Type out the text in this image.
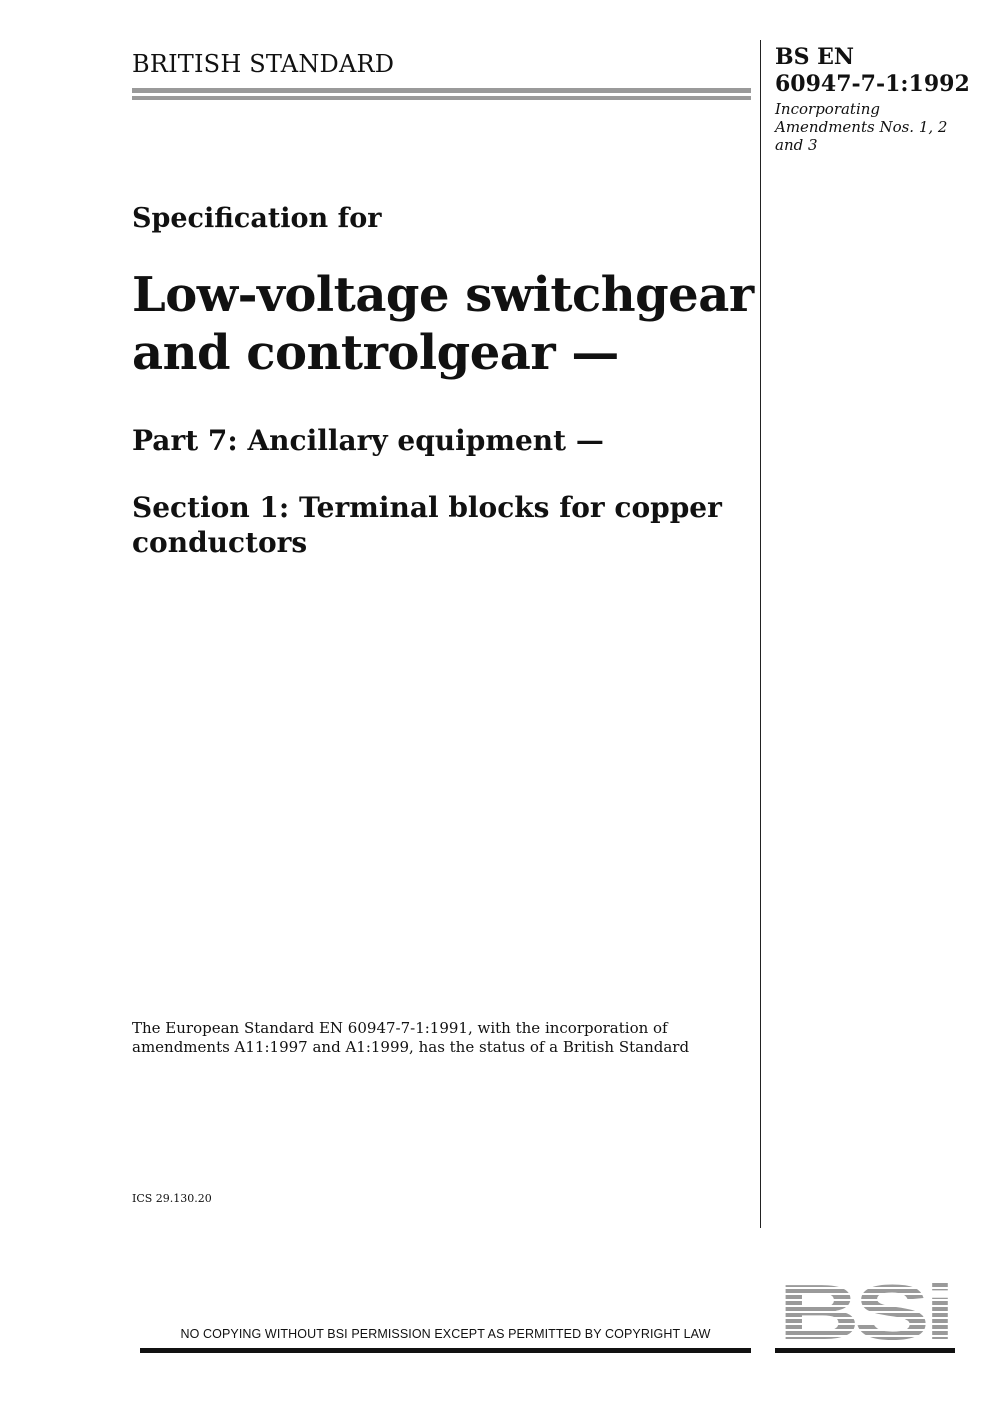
BRITISH STANDARD	BS EN
60947-7-1:1992
Incorporating Amendments Nos. 1, 2 and 3
Specification for
Low-voltage switchgear and controlgear —
Part 7: Ancillary equipment —
Section 1: Terminal blocks for copper conductors
The European Standard EN 60947-7-1:1991, with the incorporation of amendments A11:1997 and A1:1999, has the status of a British Standard
ICS 29.130.20
NO COPYING WITHOUT BSI PERMISSION EXCEPT AS PERMITTED BY COPYRIGHT LAW BSi
